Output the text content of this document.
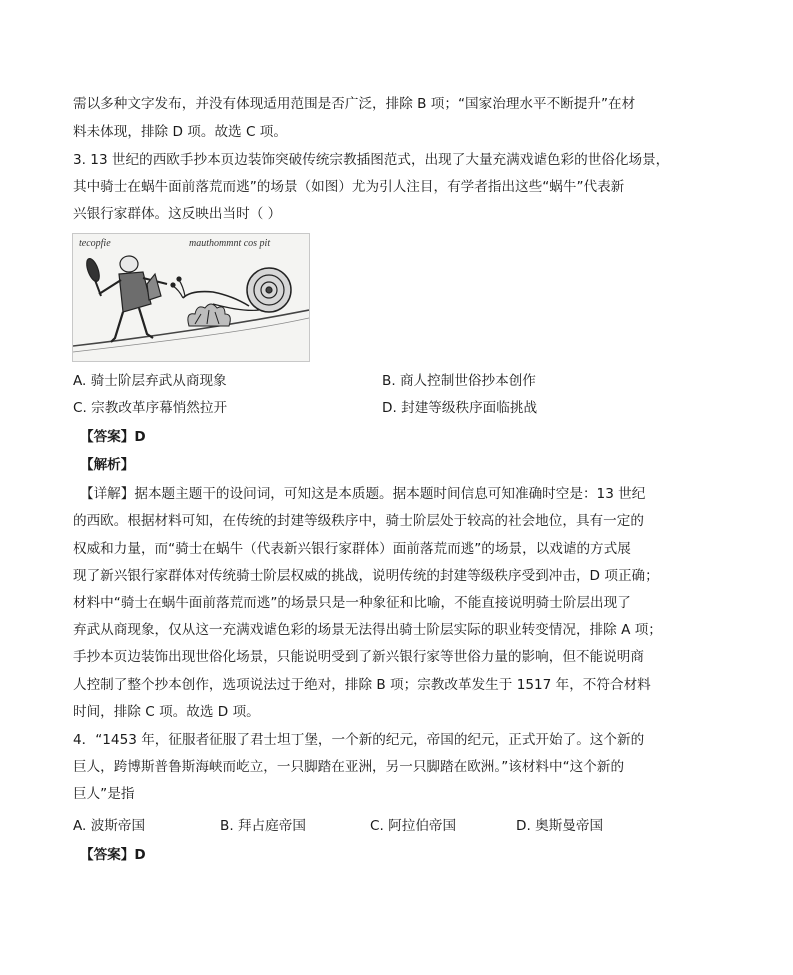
需以多种文字发布，并没有体现适用范围是否广泛，排除 B 项；“国家治理水平不断提升”在材
料未体现，排除 D 项。故选 C 项。
3. 13 世纪的西欧手抄本页边装饰突破传统宗教插图范式，出现了大量充满戏谑色彩的世俗化场景，
其中骑士在蜗牛面前落荒而逃”的场景（如图）尤为引人注目，有学者指出这些“蜗牛”代表新
兴银行家群体。这反映出当时（ ）
tecopfie	mauthommnt cos pit
A. 骑士阶层弃武从商现象	B. 商人控制世俗抄本创作
C. 宗教改革序幕悄然拉开	D. 封建等级秩序面临挑战
【答案】D
【解析】
【详解】据本题主题干的设问词，可知这是本质题。据本题时间信息可知准确时空是：13 世纪
的西欧。根据材料可知，在传统的封建等级秩序中，骑士阶层处于较高的社会地位，具有一定的
权威和力量，而“骑士在蜗牛（代表新兴银行家群体）面前落荒而逃”的场景，以戏谑的方式展
现了新兴银行家群体对传统骑士阶层权威的挑战，说明传统的封建等级秩序受到冲击，D 项正确；
材料中“骑士在蜗牛面前落荒而逃”的场景只是一种象征和比喻，不能直接说明骑士阶层出现了
弃武从商现象，仅从这一充满戏谑色彩的场景无法得出骑士阶层实际的职业转变情况，排除 A 项；
手抄本页边装饰出现世俗化场景，只能说明受到了新兴银行家等世俗力量的影响，但不能说明商
人控制了整个抄本创作，选项说法过于绝对，排除 B 项；宗教改革发生于 1517 年，不符合材料
时间，排除 C 项。故选 D 项。
4．“1453 年，征服者征服了君士坦丁堡，一个新的纪元，帝国的纪元，正式开始了。这个新的
巨人，跨博斯普鲁斯海峡而屹立，一只脚踏在亚洲，另一只脚踏在欧洲。”该材料中“这个新的
巨人”是指
A. 波斯帝国	B. 拜占庭帝国	C. 阿拉伯帝国	D. 奥斯曼帝国
【答案】D
